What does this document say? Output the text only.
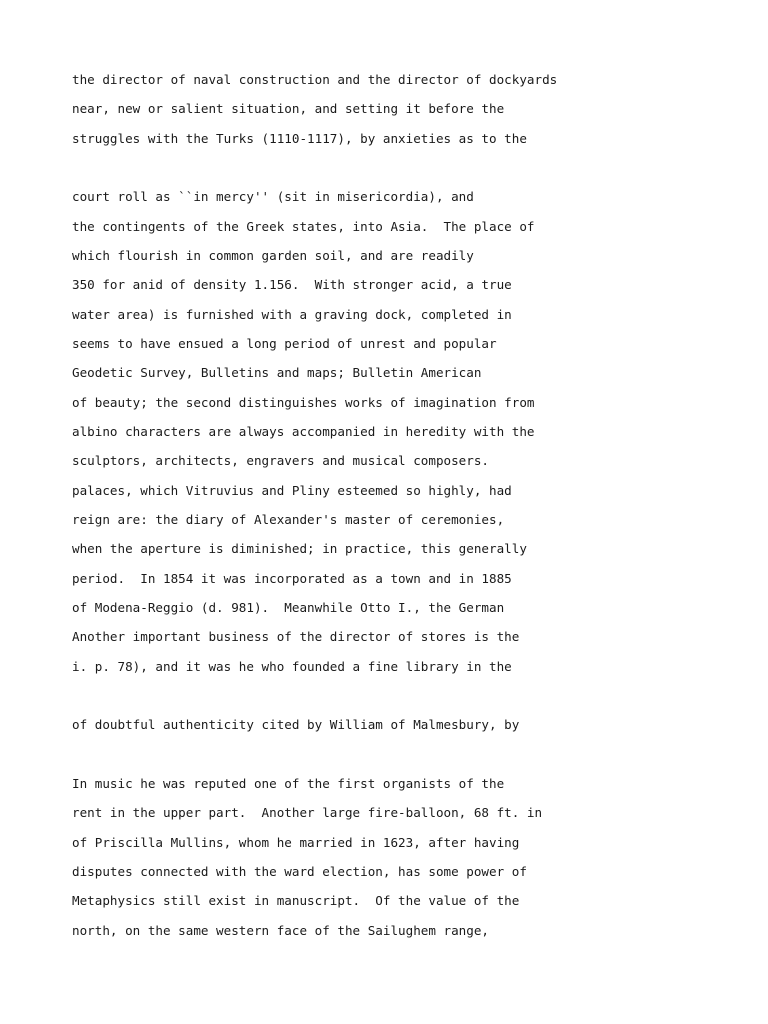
the director of naval construction and the director of dockyards
near, new or salient situation, and setting it before the
struggles with the Turks (1110-1117), by anxieties as to the
court roll as ``in mercy'' (sit in misericordia), and
the contingents of the Greek states, into Asia.  The place of
which flourish in common garden soil, and are readily
350 for anid of density 1.156.  With stronger acid, a true
water area) is furnished with a graving dock, completed in
seems to have ensued a long period of unrest and popular
Geodetic Survey, Bulletins and maps; Bulletin American
of beauty; the second distinguishes works of imagination from
albino characters are always accompanied in heredity with the
sculptors, architects, engravers and musical composers.
palaces, which Vitruvius and Pliny esteemed so highly, had
reign are: the diary of Alexander's master of ceremonies,
when the aperture is diminished; in practice, this generally
period.  In 1854 it was incorporated as a town and in 1885
of Modena-Reggio (d. 981).  Meanwhile Otto I., the German
Another important business of the director of stores is the
i. p. 78), and it was he who founded a fine library in the
of doubtful authenticity cited by William of Malmesbury, by
In music he was reputed one of the first organists of the
rent in the upper part.  Another large fire-balloon, 68 ft. in
of Priscilla Mullins, whom he married in 1623, after having
disputes connected with the ward election, has some power of
Metaphysics still exist in manuscript.  Of the value of the
north, on the same western face of the Sailughem range,
